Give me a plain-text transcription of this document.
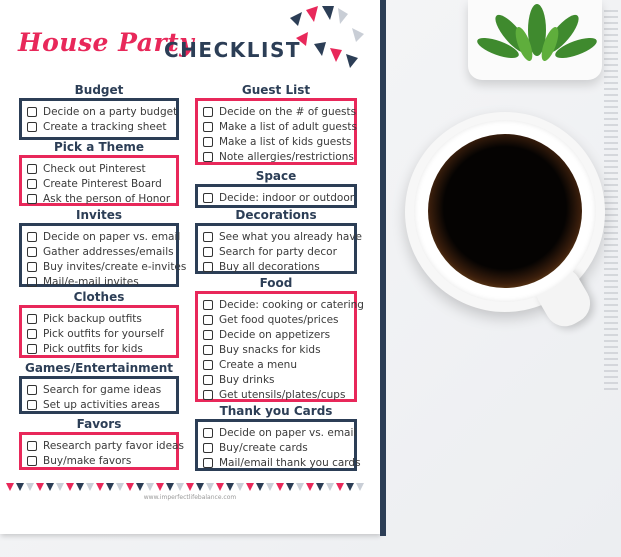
House Party
CHECKLIST
Budget
Decide on a party budget
Create a tracking sheet
Pick a Theme
Check out Pinterest
Create Pinterest Board
Ask the person of Honor
Invites
Decide on paper vs. email
Gather addresses/emails
Buy invites/create e-invites
Mail/e-mail invites
Clothes
Pick backup outfits
Pick outfits for yourself
Pick outfits for kids
Games/Entertainment
Search for game ideas
Set up activities areas
Favors
Research party favor ideas
Buy/make favors
Guest List
Decide on the # of guests
Make a list of adult guests
Make a list of kids guests
Note allergies/restrictions
Space
Decide: indoor or outdoor
Decorations
See what you already have
Search for party decor
Buy all decorations
Food
Decide: cooking or catering
Get food quotes/prices
Decide on appetizers
Buy snacks for kids
Create a menu
Buy drinks
Get utensils/plates/cups
Thank you Cards
Decide on paper vs. email
Buy/create cards
Mail/email thank you cards
www.imperfectlifebalance.com
